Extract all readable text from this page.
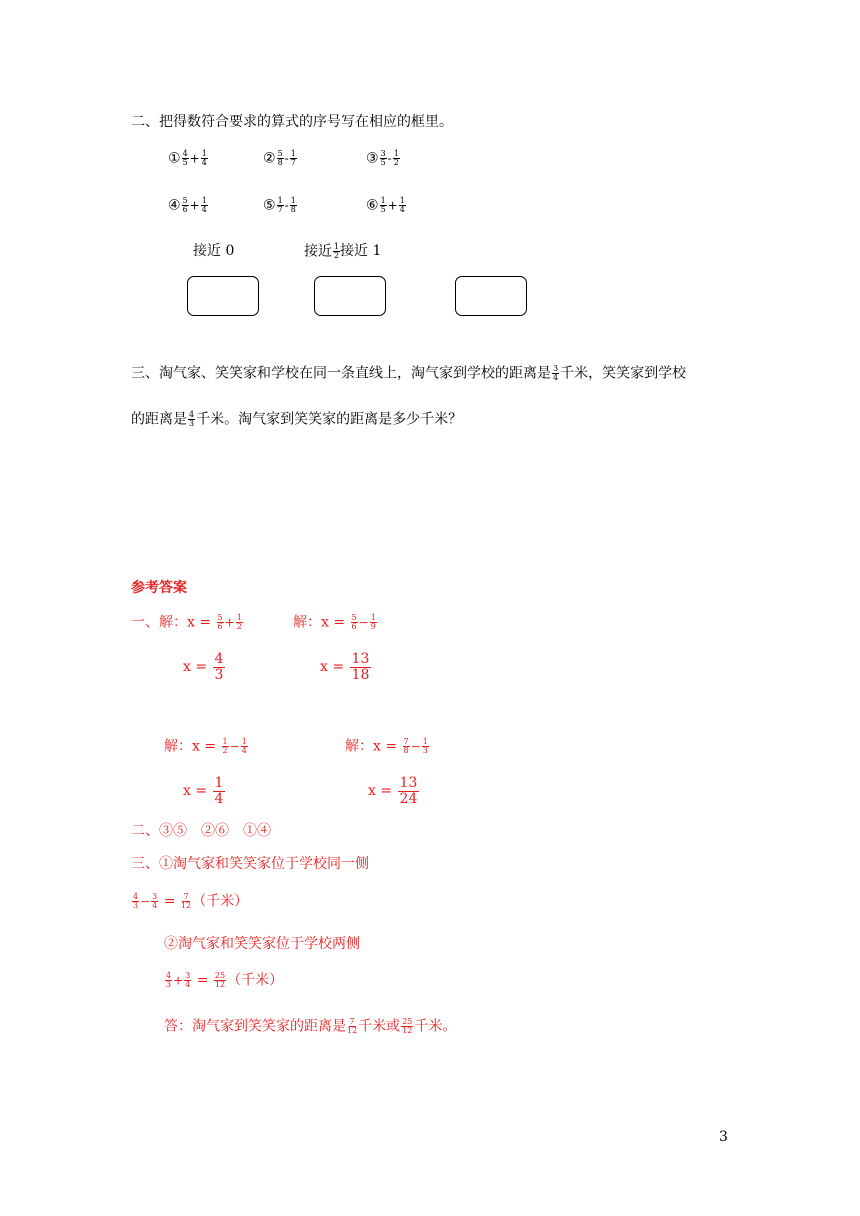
二、把得数符合要求的算式的序号写在相应的框里。
① $\frac{4}{5} + \frac{1}{4}$	② $\frac{5}{8} - \frac{1}{7}$	③ $\frac{3}{5} - \frac{1}{2}$
④ $\frac{5}{6} + \frac{1}{4}$	⑤ $\frac{1}{7} - \frac{1}{8}$	⑥ $\frac{1}{5} + \frac{1}{4}$
接近 0	接近 $\frac{1}{2}$ 接近 1
三、淘气家、笑笑家和学校在同一条直线上，淘气家到学校的距离是 $\frac{3}{4}$ 千米，笑笑家到学校
的距离是 $\frac{4}{3}$ 千米。淘气家到笑笑家的距离是多少千米？
参考答案
一、解：$x = \frac{5}{6} + \frac{1}{2}$
$x = \frac{4}{3}$
解：$x = \frac{5}{6} - \frac{1}{9}$
$x = \frac{13}{18}$
解：$x = \frac{1}{2} - \frac{1}{4}$
$x = \frac{1}{4}$
解：$x = \frac{7}{8} - \frac{1}{3}$
$x = \frac{13}{24}$
二、③⑤　②⑥　①④
三、①淘气家和笑笑家位于学校同一侧
$\frac{4}{3} - \frac{3}{4} = \frac{7}{12}$ （千米）
②淘气家和笑笑家位于学校两侧
$\frac{4}{3} + \frac{3}{4} = \frac{25}{12}$ （千米）
答：淘气家到笑笑家的距离是 $\frac{7}{12}$ 千米或 $\frac{25}{12}$ 千米。
3
